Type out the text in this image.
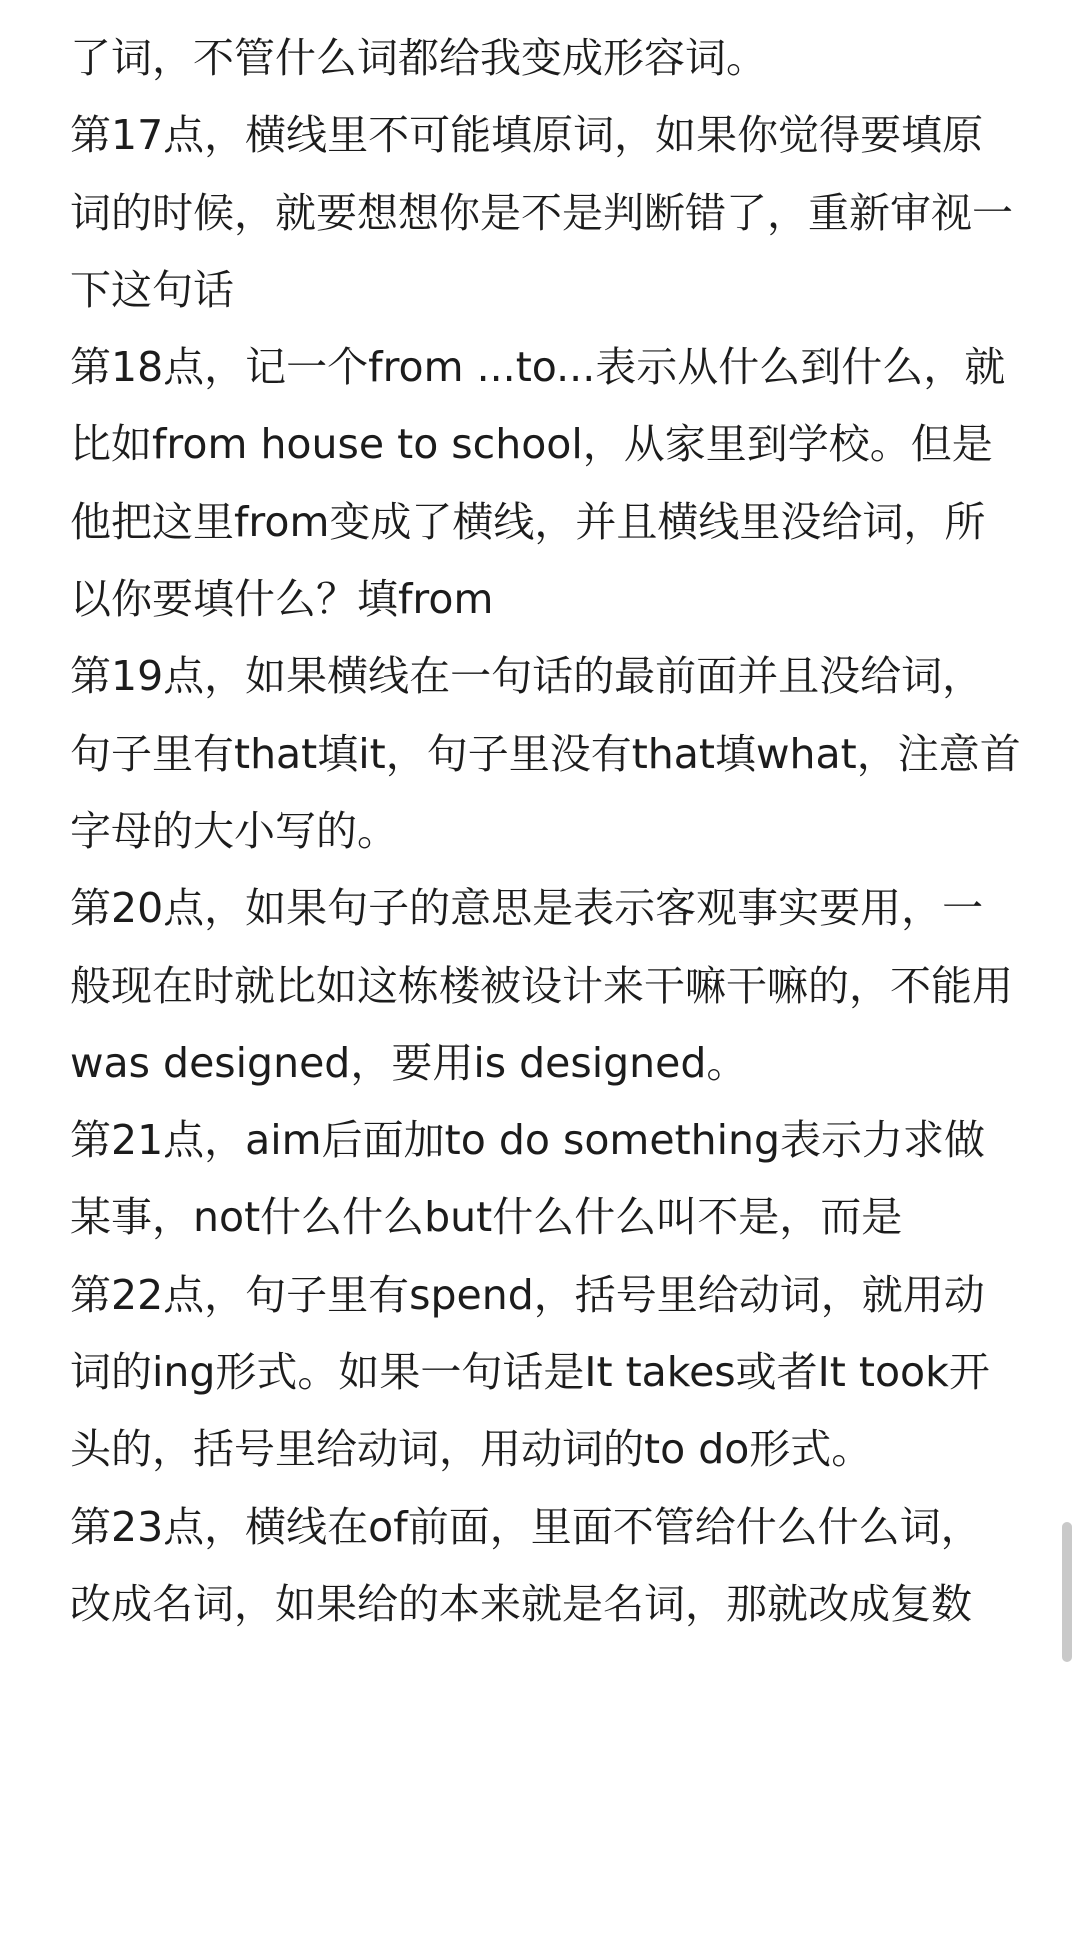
了词，不管什么词都给我变成形容词。

第17点，横线里不可能填原词，如果你觉得要填原词的时候，就要想想你是不是判断错了，重新审视一下这句话

第18点，记一个from ...to...表示从什么到什么，就比如from house to school，从家里到学校。但是他把这里from变成了横线，并且横线里没给词，所以你要填什么？填from

第19点，如果横线在一句话的最前面并且没给词，句子里有that填it，句子里没有that填what，注意首字母的大小写的。

第20点，如果句子的意思是表示客观事实要用，一般现在时就比如这栋楼被设计来干嘛干嘛的，不能用was designed，要用is designed。

第21点，aim后面加to do something表示力求做某事，not什么什么but什么什么叫不是，而是

第22点，句子里有spend，括号里给动词，就用动词的ing形式。如果一句话是It takes或者It took开头的，括号里给动词，用动词的to do形式。

第23点，横线在of前面，里面不管给什么什么词，改成名词，如果给的本来就是名词，那就改成复数
